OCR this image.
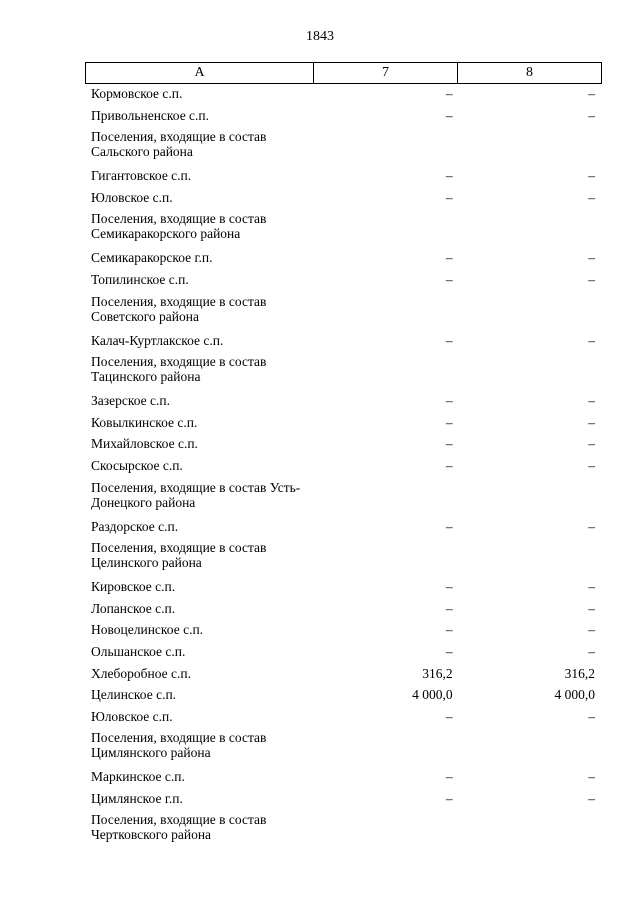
1843
А	7	8
Кормовское с.п.	–	–
Привольненское с.п.	–	–
Поселения, входящие в состав Сальского района
Гигантовское с.п.	–	–
Юловское с.п.	–	–
Поселения, входящие в состав Семикаракорского района
Семикаракорское г.п.	–	–
Топилинское с.п.	–	–
Поселения, входящие в состав Советского района
Калач-Куртлакское с.п.	–	–
Поселения, входящие в состав Тацинского района
Зазерское с.п.	–	–
Ковылкинское с.п.	–	–
Михайловское с.п.	–	–
Скосырское с.п.	–	–
Поселения, входящие в состав Усть-Донецкого района
Раздорское с.п.	–	–
Поселения, входящие в состав Целинского района
Кировское с.п.	–	–
Лопанское с.п.	–	–
Новоцелинское с.п.	–	–
Ольшанское с.п.	–	–
Хлеборобное с.п.	316,2	316,2
Целинское с.п.	4 000,0	4 000,0
Юловское с.п.	–	–
Поселения, входящие в состав Цимлянского района
Маркинское с.п.	–	–
Цимлянское г.п.	–	–
Поселения, входящие в состав Чертковского района
